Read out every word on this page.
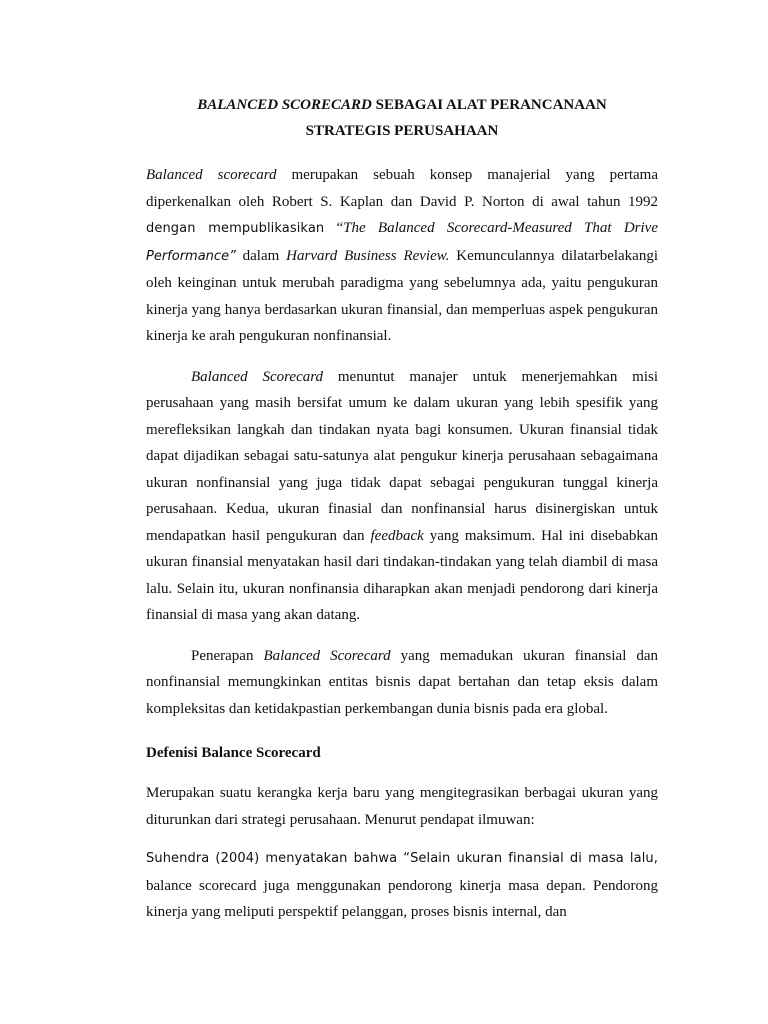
BALANCED SCORECARD SEBAGAI ALAT PERANCANAAN
STRATEGIS PERUSAHAAN

Balanced scorecard merupakan sebuah konsep manajerial yang pertama diperkenalkan oleh Robert S. Kaplan dan David P. Norton di awal tahun 1992 dengan mempublikasikan “The Balanced Scorecard-Measured That Drive Performance” dalam Harvard Business Review. Kemunculannya dilatarbelakangi oleh keinginan untuk merubah paradigma yang sebelumnya ada, yaitu pengukuran kinerja yang hanya berdasarkan ukuran finansial, dan memperluas aspek pengukuran kinerja ke arah pengukuran nonfinansial.

Balanced Scorecard menuntut manajer untuk menerjemahkan misi perusahaan yang masih bersifat umum ke dalam ukuran yang lebih spesifik yang merefleksikan langkah dan tindakan nyata bagi konsumen. Ukuran finansial tidak dapat dijadikan sebagai satu-satunya alat pengukur kinerja perusahaan sebagaimana ukuran nonfinansial yang juga tidak dapat sebagai pengukuran tunggal kinerja perusahaan. Kedua, ukuran finasial dan nonfinansial harus disinergiskan untuk mendapatkan hasil pengukuran dan feedback yang maksimum. Hal ini disebabkan ukuran finansial menyatakan hasil dari tindakan-tindakan yang telah diambil di masa lalu. Selain itu, ukuran nonfinansia diharapkan akan menjadi pendorong dari kinerja finansial di masa yang akan datang.

Penerapan Balanced Scorecard yang memadukan ukuran finansial dan nonfinansial memungkinkan entitas bisnis dapat bertahan dan tetap eksis dalam kompleksitas dan ketidakpastian perkembangan dunia bisnis pada era global.

Defenisi Balance Scorecard

Merupakan suatu kerangka kerja baru yang mengitegrasikan berbagai ukuran yang diturunkan dari strategi perusahaan. Menurut pendapat ilmuwan:

Suhendra (2004) menyatakan bahwa “Selain ukuran finansial di masa lalu, balance scorecard juga menggunakan pendorong kinerja masa depan. Pendorong kinerja yang meliputi perspektif pelanggan, proses bisnis internal, dan
